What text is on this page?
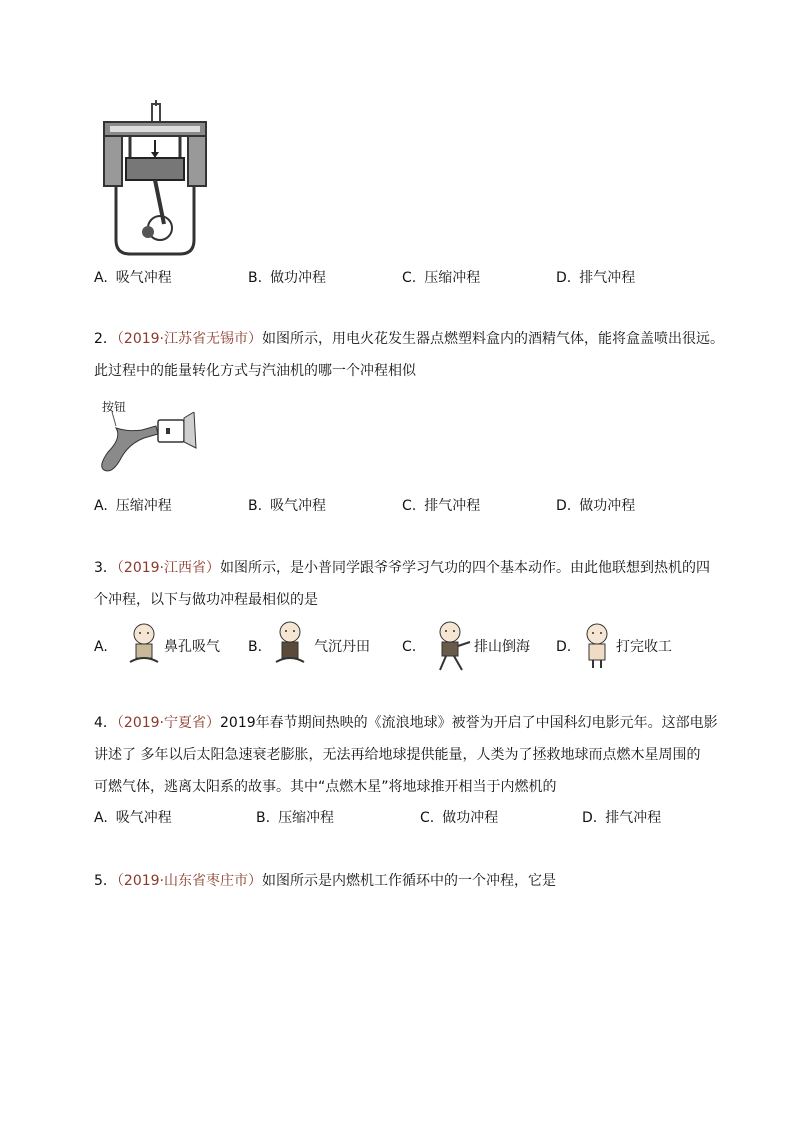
A. 吸气冲程	B. 做功冲程	C. 压缩冲程	D. 排气冲程
2．（2019·江苏省无锡市）如图所示，用电火花发生器点燃塑料盒内的酒精气体，能将盒盖喷出很远。
此过程中的能量转化方式与汽油机的哪一个冲程相似
按钮
A. 压缩冲程	B. 吸气冲程	C. 排气冲程	D. 做功冲程
3．（2019·江西省）如图所示，是小普同学跟爷爷学习气功的四个基本动作。由此他联想到热机的四
个冲程，以下与做功冲程最相似的是
A.	鼻孔吸气 B.	气沉丹田 C.	排山倒海 D.	打完收工
4．（2019·宁夏省）2019年春节期间热映的《流浪地球》被誉为开启了中国科幻电影元年。这部电影
讲述了 多年以后太阳急速衰老膨胀，无法再给地球提供能量，人类为了拯救地球而点燃木星周围的
可燃气体，逃离太阳系的故事。其中“点燃木星”将地球推开相当于内燃机的
A. 吸气冲程	B. 压缩冲程	C. 做功冲程	D. 排气冲程
5．（2019·山东省枣庄市）如图所示是内燃机工作循环中的一个冲程，它是
